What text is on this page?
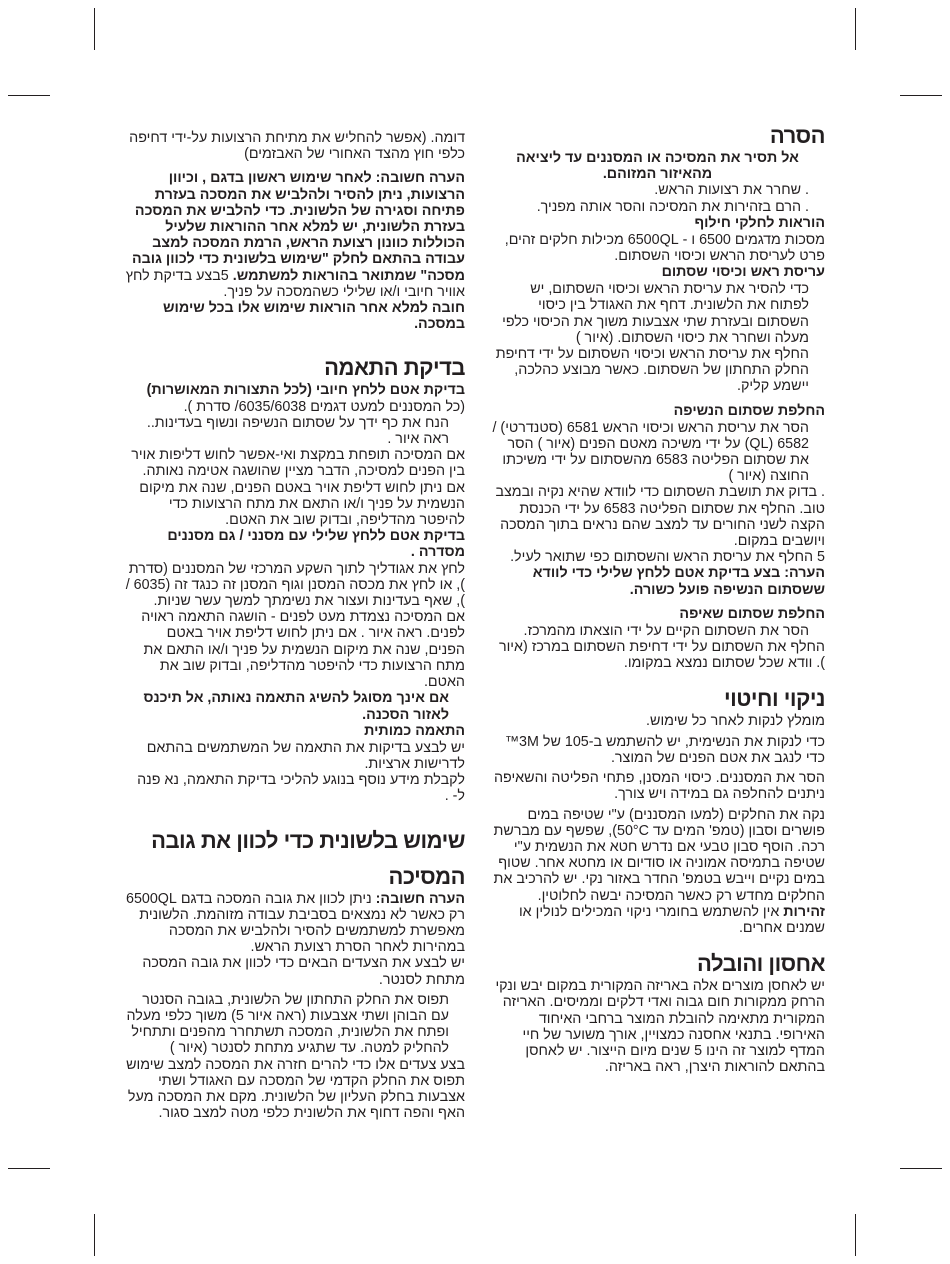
הסרה

אל תסיר את המסיכה או המסננים עד ליציאה מהאיזור המזוהם.

. שחרר את רצועות הראש.

. הרם בזהירות את המסיכה והסר אותה מפניך.

הוראות לחלקי חילוף

מסכות מדגמים 6500 ו - 6500QL מכילות חלקים זהים, פרט לעריסת הראש וכיסוי השסתום.

עריסת ראש וכיסוי שסתום

כדי להסיר את עריסת הראש וכיסוי השסתום, יש לפתוח את הלשונית. דחף את האגודל בין כיסוי השסתום ובעזרת שתי אצבעות משוך את הכיסוי כלפי מעלה ושחרר את כיסוי השסתום. (איור )

החלף את עריסת הראש וכיסוי השסתום על ידי דחיפת החלק התחתון של השסתום. כאשר מבוצע כהלכה, יישמע קליק.

החלפת שסתום הנשיפה

הסר את עריסת הראש וכיסוי הראש 6581 (סטנדרטי) / 6582 (QL) על ידי משיכה מאטם הפנים (איור ) הסר את שסתום הפליטה 6583 מהשסתום על ידי משיכתו החוצה (איור )

. בדוק את תושבת השסתום כדי לוודא שהיא נקיה ובמצב טוב. החלף את שסתום הפליטה 6583 על ידי הכנסת הקצה לשני החורים עד למצב שהם נראים בתוך המסכה ויושבים במקום.

5 החלף את עריסת הראש והשסתום כפי שתואר לעיל.

הערה: בצע בדיקת אטם ללחץ שלילי כדי לוודא ששסתום הנשיפה פועל כשורה.

החלפת שסתום שאיפה

הסר את השסתום הקיים על ידי הוצאתו מהמרכז.

החלף את השסתום על ידי דחיפת השסתום במרכז (איור ). וודא שכל שסתום נמצא במקומו.

ניקוי וחיטוי

מומלץ לנקות לאחר כל שימוש.

כדי לנקות את הנשימית, יש להשתמש ב-105 של 3M™ כדי לנגב את אטם הפנים של המוצר.

הסר את המסננים. כיסוי המסנן, פתחי הפליטה והשאיפה ניתנים להחלפה גם במידה ויש צורך.

נקה את החלקים (למעו המסננים) ע"י שטיפה במים פושרים וסבון (טמפ' המים עד 50°C), שפשף עם מברשת רכה. הוסף סבון טבעי אם נדרש חטא את הנשמית ע"י שטיפה בתמיסה אמוניה או סודיום או מחטא אחר. שטוף במים נקיים וייבש בטמפ' החדר באזור נקי. יש להרכיב את החלקים מחדש רק כאשר המסיכה יבשה לחלוטין.

זהירות אין להשתמש בחומרי ניקוי המכילים לנולין או שמנים אחרים.

אחסון והובלה

יש לאחסן מוצרים אלה באריזה המקורית במקום יבש ונקי הרחק ממקורות חום גבוה ואדי דלקים וממיסים. האריזה המקורית מתאימה להובלת המוצר ברחבי האיחוד האירופי. בתנאי אחסנה כמצויין, אורך משוער של חיי המדף למוצר זה הינו 5 שנים מיום הייצור. יש לאחסן בהתאם להוראות היצרן, ראה באריזה.

דומה. (אפשר להחליש את מתיחת הרצועות על-ידי דחיפה כלפי חוץ מהצד האחורי של האבזמים)

הערה חשובה: לאחר שימוש ראשון בדגם , וכיוון הרצועות, ניתן להסיר ולהלביש את המסכה בעזרת פתיחה וסגירה של הלשונית. כדי להלביש את המסכה בעזרת הלשונית, יש למלא אחר ההוראות שלעיל הכוללות כוונון רצועת הראש, הרמת המסכה למצב עבודה בהתאם לחלק "שימוש בלשונית כדי לכוון גובה מסכה" שמתואר בהוראות למשתמש. 5בצע בדיקת לחץ אוויר חיובי ו/או שלילי כשהמסכה על פניך.

חובה למלא אחר הוראות שימוש אלו בכל שימוש במסכה.

בדיקת התאמה

בדיקת אטם ללחץ חיובי (לכל התצורות המאושרות) (כל המסננים למעט דגמים 6035/6038/ סדרת ).

הנח את כף ידך על שסתום הנשיפה ונשוף בעדינות.. ראה איור .

אם המסיכה תופחת במקצת ואי-אפשר לחוש דליפות אויר בין הפנים למסיכה, הדבר מציין שהושגה אטימה נאותה. אם ניתן לחוש דליפת אויר באטם הפנים, שנה את מיקום הנשמית על פניך ו/או התאם את מתח הרצועות כדי להיפטר מהדליפה, ובדוק שוב את האטם.

בדיקת אטם ללחץ שלילי עם מסנני / גם מסננים מסדרה .

לחץ את אגודליך לתוך השקע המרכזי של המסננים (סדרת ), או לחץ את מכסה המסנן וגוף המסנן זה כנגד זה (6035 / ), שאף בעדינות ועצור את נשימתך למשך עשר שניות.

אם המסיכה נצמדת מעט לפנים - הושגה התאמה ראויה לפנים. ראה איור . אם ניתן לחוש דליפת אויר באטם הפנים, שנה את מיקום הנשמית על פניך ו/או התאם את מתח הרצועות כדי להיפטר מהדליפה, ובדוק שוב את האטם.

אם אינך מסוגל להשיג התאמה נאותה, אל תיכנס לאזור הסכנה.

התאמה כמותית

יש לבצע בדיקות את התאמה של המשתמשים בהתאם לדרישות ארציות.

לקבלת מידע נוסף בנוגע להליכי בדיקת התאמה, נא פנה ל- .

שימוש בלשונית כדי לכוון את גובה
המסיכה

הערה חשובה: ניתן לכוון את גובה המסכה בדגם 6500QL רק כאשר לא נמצאים בסביבת עבודה מזוהמת. הלשונית מאפשרת למשתמשים להסיר ולהלביש את המסכה במהירות לאחר הסרת רצועת הראש.

יש לבצע את הצעדים הבאים כדי לכוון את גובה המסכה מתחת לסנטר.

תפוס את החלק התחתון של הלשונית, בגובה הסנטר עם הבוהן ושתי אצבעות (ראה איור 5) משוך כלפי מעלה ופתח את הלשונית, המסכה תשתחרר מהפנים ותתחיל להחליק למטה. עד שתגיע מתחת לסנטר (איור )

בצע צעדים אלו כדי להרים חזרה את המסכה למצב שימוש תפוס את החלק הקדמי של המסכה עם האגודל ושתי אצבעות בחלק העליון של הלשונית. מקם את המסכה מעל האף והפה דחוף את הלשונית כלפי מטה למצב סגור.
